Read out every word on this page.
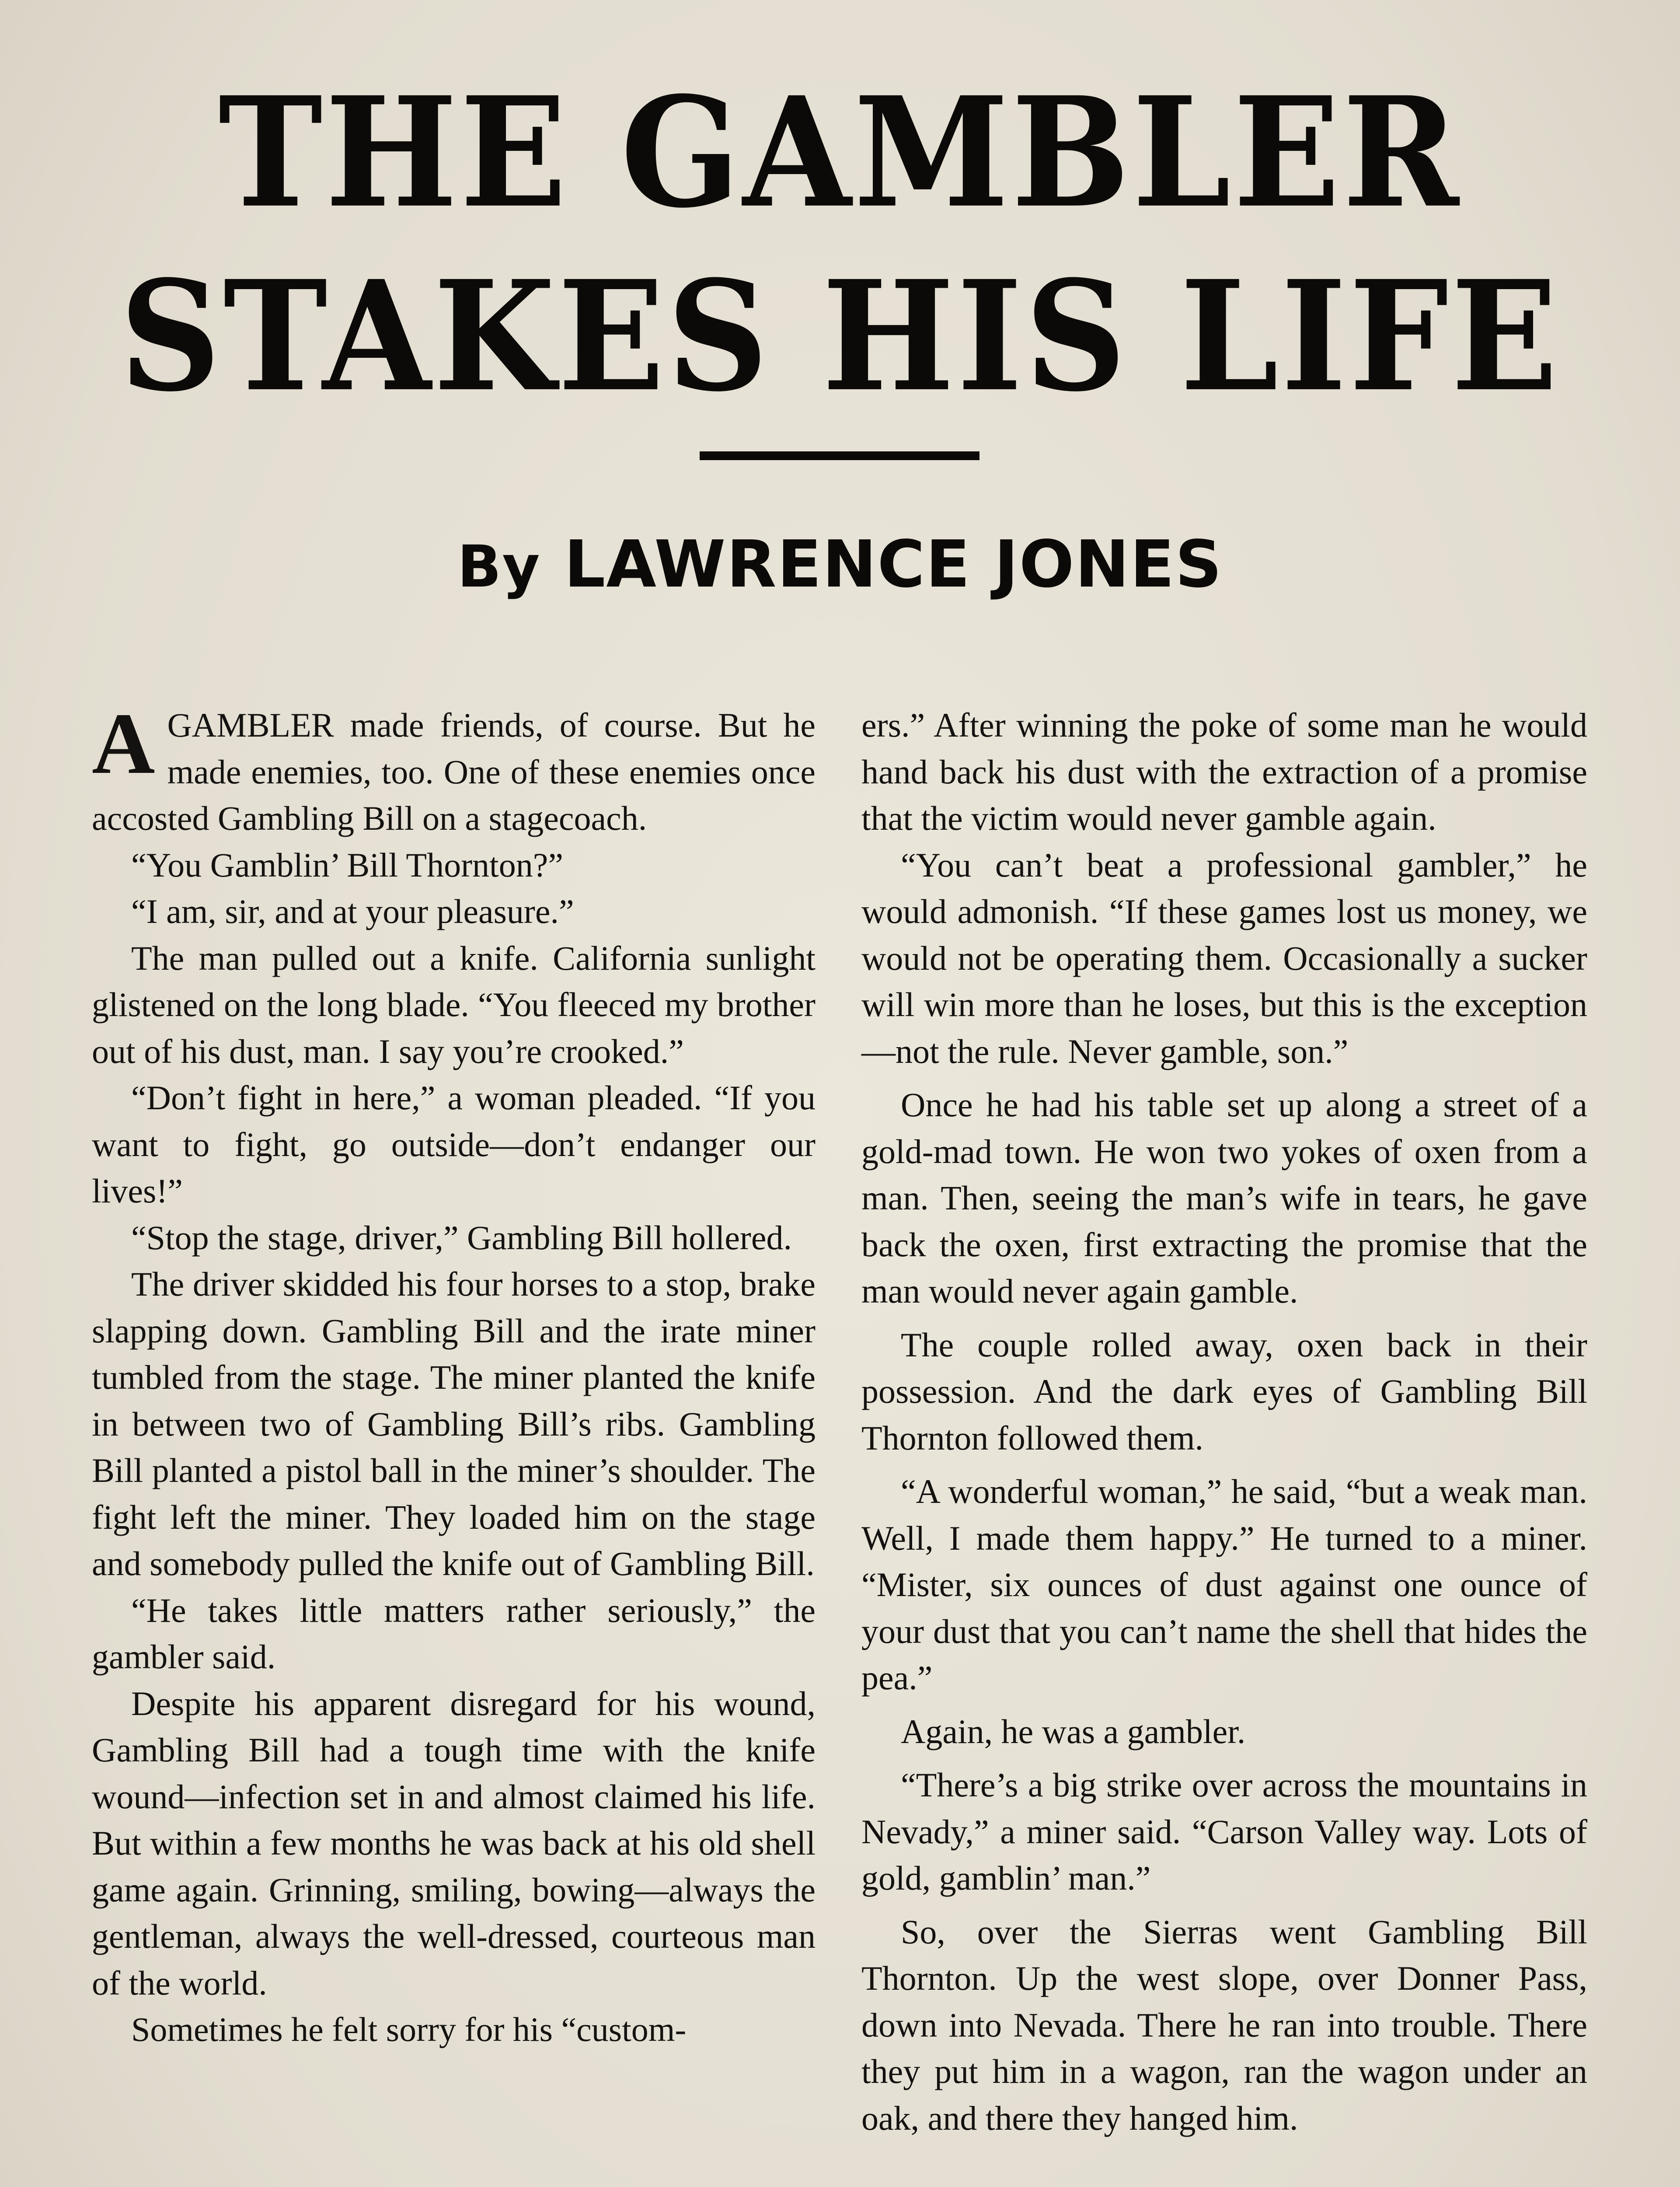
THE GAMBLER
STAKES HIS LIFE
By LAWRENCE JONES

AGAMBLER made friends, of course. But he made enemies, too. One of these enemies once accosted Gambling Bill on a stagecoach.

“You Gamblin’ Bill Thornton?”

“I am, sir, and at your pleasure.”

The man pulled out a knife. California sunlight glistened on the long blade. “You fleeced my brother out of his dust, man. I say you’re crooked.”

“Don’t fight in here,” a woman pleaded. “If you want to fight, go outside—don’t endanger our lives!”

“Stop the stage, driver,” Gambling Bill hollered.

The driver skidded his four horses to a stop, brake slapping down. Gambling Bill and the irate miner tumbled from the stage. The miner planted the knife in between two of Gambling Bill’s ribs. Gambling Bill planted a pistol ball in the miner’s shoulder. The fight left the miner. They loaded him on the stage and somebody pulled the knife out of Gambling Bill.

“He takes little matters rather seriously,” the gambler said.

Despite his apparent disregard for his wound, Gambling Bill had a tough time with the knife wound—infection set in and almost claimed his life. But within a few months he was back at his old shell game again. Grinning, smiling, bowing—always the gentleman, always the well-dressed, courteous man of the world.

Sometimes he felt sorry for his “custom-

ers.” After winning the poke of some man he would hand back his dust with the extraction of a promise that the victim would never gamble again.

“You can’t beat a professional gambler,” he would admonish. “If these games lost us money, we would not be operating them. Occasionally a sucker will win more than he loses, but this is the exception—not the rule. Never gamble, son.”

Once he had his table set up along a street of a gold-mad town. He won two yokes of oxen from a man. Then, seeing the man’s wife in tears, he gave back the oxen, first extracting the promise that the man would never again gamble.

The couple rolled away, oxen back in their possession. And the dark eyes of Gambling Bill Thornton followed them.

“A wonderful woman,” he said, “but a weak man. Well, I made them happy.” He turned to a miner. “Mister, six ounces of dust against one ounce of your dust that you can’t name the shell that hides the pea.”

Again, he was a gambler.

“There’s a big strike over across the mountains in Nevady,” a miner said. “Carson Valley way. Lots of gold, gamblin’ man.”

So, over the Sierras went Gambling Bill Thornton. Up the west slope, over Donner Pass, down into Nevada. There he ran into trouble. There they put him in a wagon, ran the wagon under an oak, and there they hanged him.
